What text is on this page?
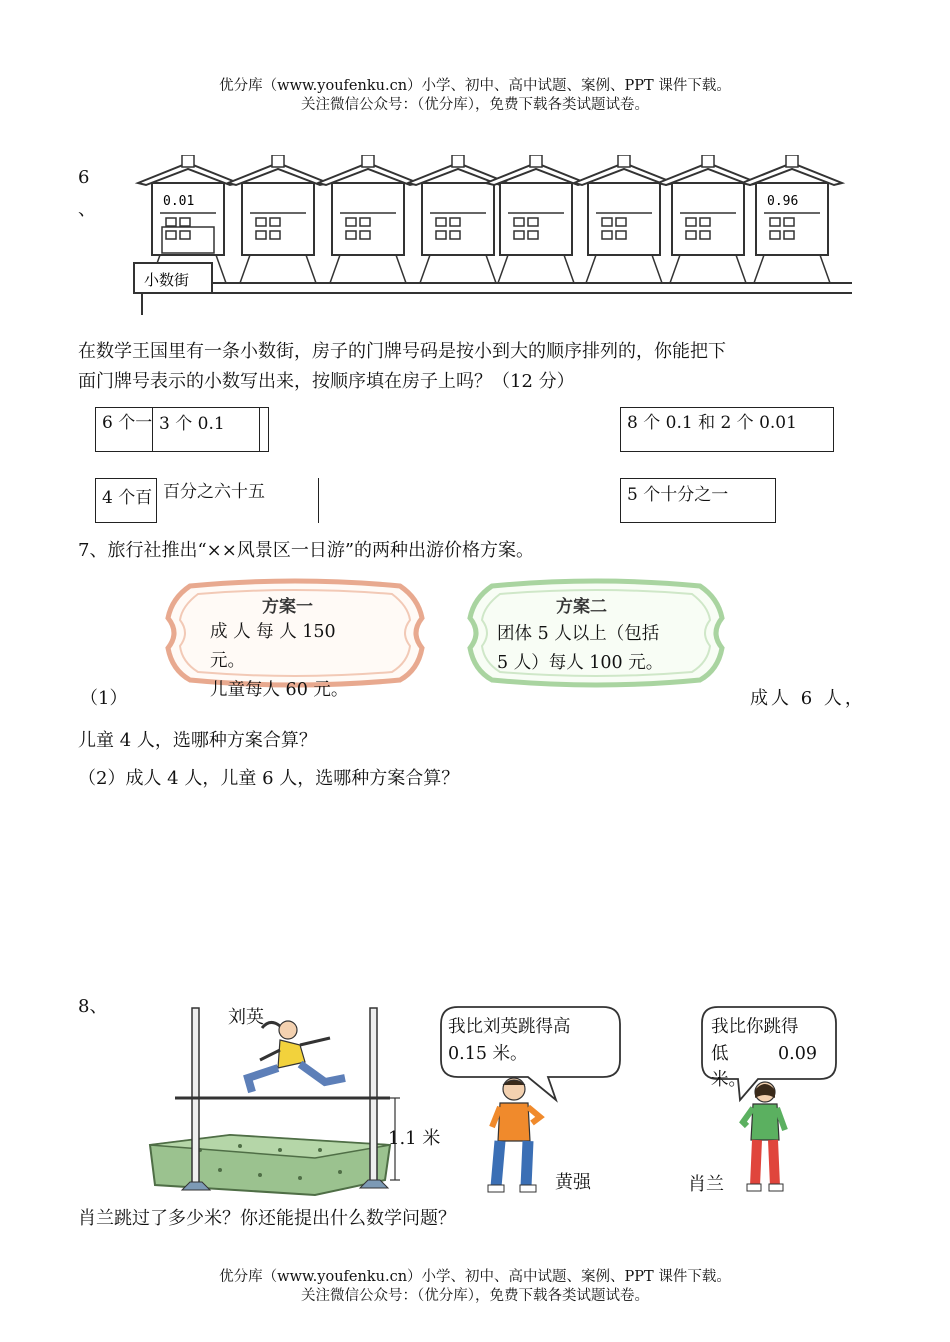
优分库（www.youfenku.cn）小学、初中、高中试题、案例、PPT 课件下载。
关注微信公众号：（优分库），免费下载各类试题试卷。
6
、	0.01	0.96
小数街
在数学王国里有一条小数街，房子的门牌号码是按小到大的顺序排列的，你能把下
面门牌号表示的小数写出来，按顺序填在房子上吗？（12 分）
6 个一 3 个 0.1	8 个 0.1 和 2 个 0.01
4 个百 百分之六十五	5 个十分之一
7、旅行社推出“××风景区一日游”的两种出游价格方案。
方案一
成 人 每 人 150
元。
儿童每人 60 元。
方案二
团体 5 人以上（包括
5 人）每人 100 元。
（1）	成人 6 人，
儿童 4 人，选哪种方案合算？
（2）成人 4 人，儿童 6 人，选哪种方案合算？
8、
刘英
1.1 米
我比刘英跳得高
0.15 米。
我比你跳得
低	0.09
米。
黄强	肖兰
肖兰跳过了多少米？你还能提出什么数学问题？
优分库（www.youfenku.cn）小学、初中、高中试题、案例、PPT 课件下载。
关注微信公众号：（优分库），免费下载各类试题试卷。
